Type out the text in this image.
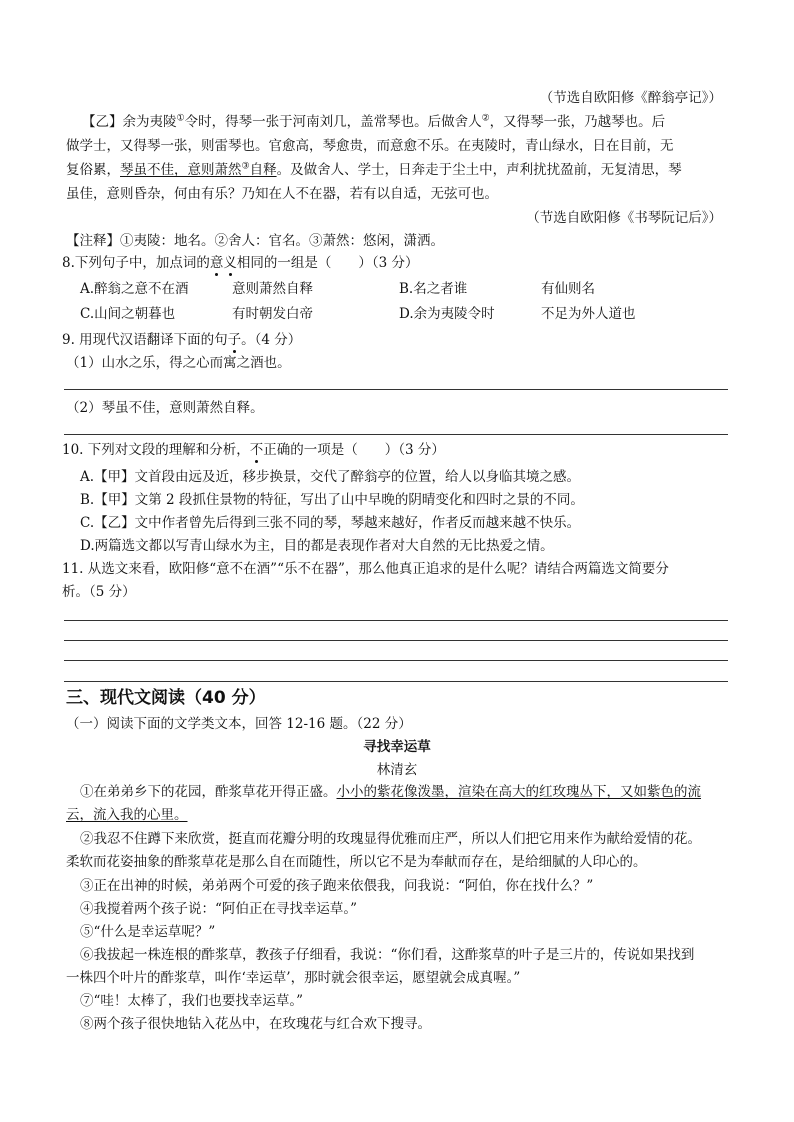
（节选自欧阳修《醉翁亭记》）
【乙】余为夷陵①令时，得琴一张于河南刘几，盖常琴也。后做舍人②，又得琴一张，乃越琴也。后
做学士，又得琴一张，则雷琴也。官愈高，琴愈贵，而意愈不乐。在夷陵时，青山绿水，日在目前，无
复俗累，琴虽不佳，意则萧然③自释。及做舍人、学士，日奔走于尘土中，声利扰扰盈前，无复清思，琴
虽佳，意则昏杂，何由有乐？乃知在人不在器，若有以自适，无弦可也。
（节选自欧阳修《书琴阮记后》）
【注释】①夷陵：地名。②舍人：官名。③萧然：悠闲，潇洒。
8.下列句子中，加点词的意义相同的一组是（　　）（3 分）
A.醉翁之意不在酒	意则萧然自释	B.名之者谁	有仙则名
C.山间之朝暮也	有时朝发白帝	D.余为夷陵令时	不足为外人道也
9. 用现代汉语翻译下面的句子。（4 分）
（1）山水之乐，得之心而寓之酒也。
（2）琴虽不佳，意则萧然自释。
10. 下列对文段的理解和分析，不正确的一项是（　　）（3 分）
A.【甲】文首段由远及近，移步换景，交代了醉翁亭的位置，给人以身临其境之感。
B.【甲】文第 2 段抓住景物的特征，写出了山中早晚的阴晴变化和四时之景的不同。
C.【乙】文中作者曾先后得到三张不同的琴，琴越来越好，作者反而越来越不快乐。
D.两篇选文都以写青山绿水为主，目的都是表现作者对大自然的无比热爱之情。
11. 从选文来看，欧阳修“意不在酒”“乐不在器”，那么他真正追求的是什么呢？请结合两篇选文简要分
析。（5 分）
三、现代文阅读（40 分）
（一）阅读下面的文学类文本，回答 12-16 题。（22 分）
寻找幸运草
林清玄
①在弟弟乡下的花园，酢浆草花开得正盛。小小的紫花像泼墨，渲染在高大的红玫瑰丛下，又如紫色的流
云，流入我的心里。
②我忍不住蹲下来欣赏，挺直而花瓣分明的玫瑰显得优雅而庄严，所以人们把它用来作为献给爱情的花。
柔软而花姿抽象的酢浆草花是那么自在而随性，所以它不是为奉献而存在，是给细腻的人印心的。
③正在出神的时候，弟弟两个可爱的孩子跑来依偎我，问我说：“阿伯，你在找什么？”
④我搅着两个孩子说：“阿伯正在寻找幸运草。”
⑤“什么是幸运草呢？”
⑥我拔起一株连根的酢浆草，教孩子仔细看，我说：“你们看，这酢浆草的叶子是三片的，传说如果找到
一株四个叶片的酢浆草，叫作‘幸运草’，那时就会很幸运，愿望就会成真喔。”
⑦“哇！太棒了，我们也要找幸运草。”
⑧两个孩子很快地钻入花丛中，在玫瑰花与红合欢下搜寻。
